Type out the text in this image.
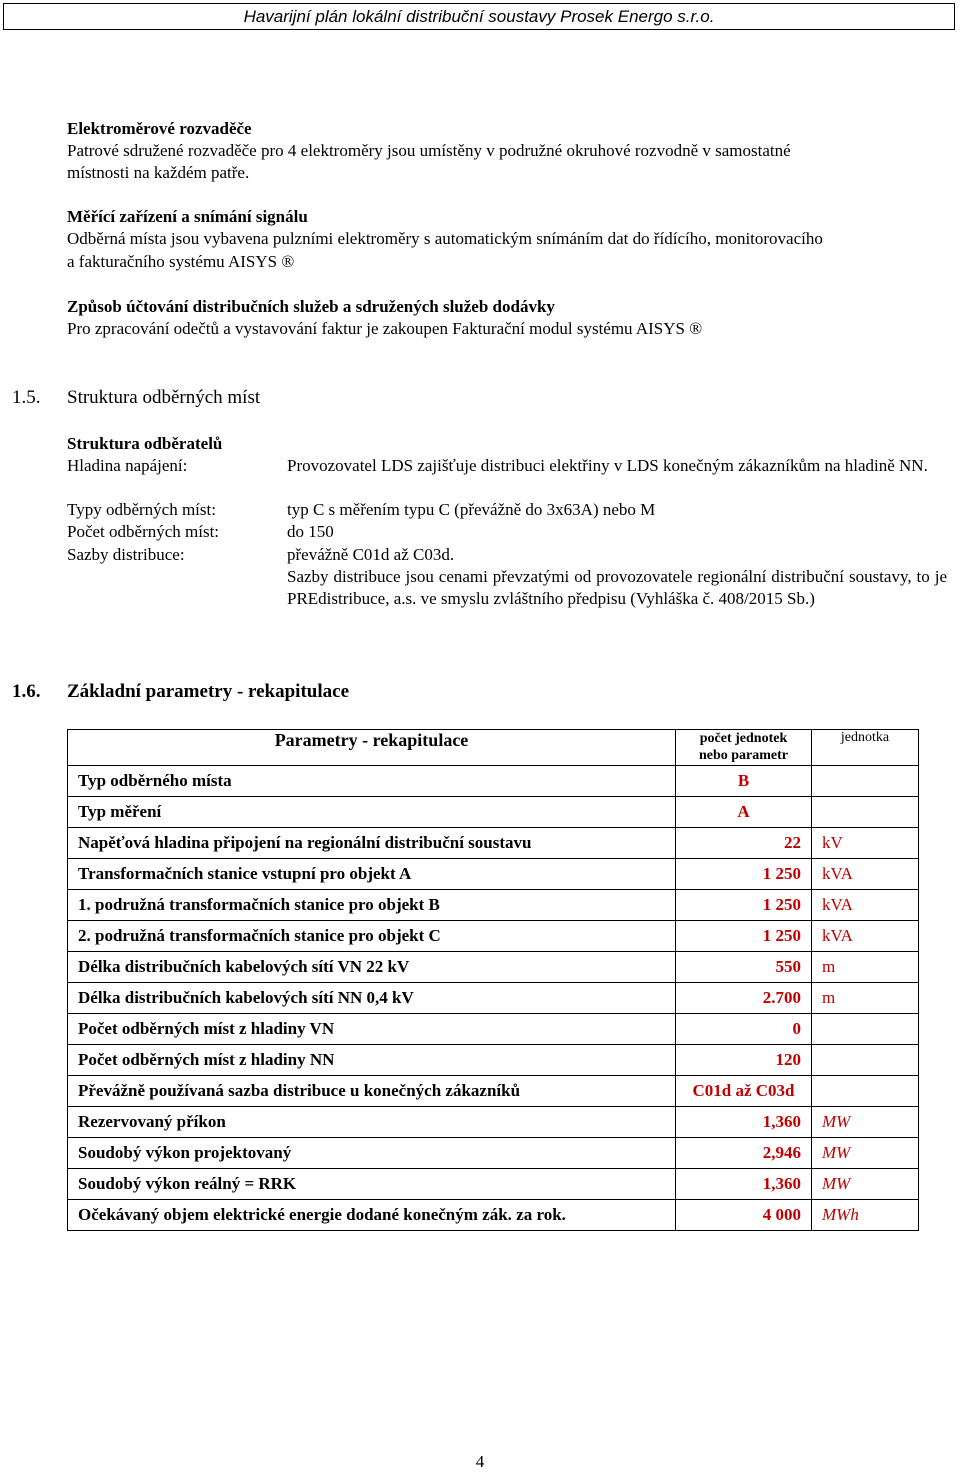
Havarijní plán lokální distribuční soustavy Prosek Energo s.r.o.
Elektroměrové rozvaděče
Patrové sdružené rozvaděče pro 4 elektroměry jsou umístěny v podružné okruhové rozvodně v samostatné
místnosti na každém patře.
Měřící zařízení a snímání signálu
Odběrná místa jsou vybavena pulzními elektroměry s automatickým snímáním dat do řídícího, monitorovacího
a fakturačního systému AISYS ®
Způsob účtování distribučních služeb a sdružených služeb dodávky
Pro zpracování odečtů a vystavování faktur je zakoupen Fakturační modul systému AISYS ®
1.5. Struktura odběrných míst
Struktura odběratelů
Hladina napájení:	Provozovatel LDS zajišťuje distribuci elektřiny v LDS konečným zákazníkům na hladině NN.
Typy odběrných míst:	typ C s měřením typu C (převážně do 3x63A) nebo M
Počet odběrných míst:	do 150
Sazby distribuce:	převážně C01d až C03d.
Sazby distribuce jsou cenami převzatými od provozovatele regionální distribuční soustavy, to je PREdistribuce, a.s. ve smyslu zvláštního předpisu (Vyhláška č. 408/2015 Sb.)
1.6. Základní parametry - rekapitulace
Parametry - rekapitulace	počet jednotek nebo parametr	jednotka
Typ odběrného místa	B	
Typ měření	A	
Napěťová hladina připojení na regionální distribuční soustavu	22	kV
Transformačních stanice vstupní pro objekt A	1 250	kVA
1. podružná transformačních stanice pro objekt B	1 250	kVA
2. podružná transformačních stanice pro objekt C	1 250	kVA
Délka distribučních kabelových sítí VN 22 kV	550	m
Délka distribučních kabelových sítí NN 0,4 kV	2.700	m
Počet odběrných míst z hladiny VN	0	
Počet odběrných míst z hladiny NN	120	
Převážně používaná sazba distribuce u konečných zákazníků	C01d až C03d	
Rezervovaný příkon	1,360	MW
Soudobý výkon projektovaný	2,946	MW
Soudobý výkon reálný = RRK	1,360	MW
Očekávaný objem elektrické energie dodané konečným zák. za rok.	4 000	MWh
4
